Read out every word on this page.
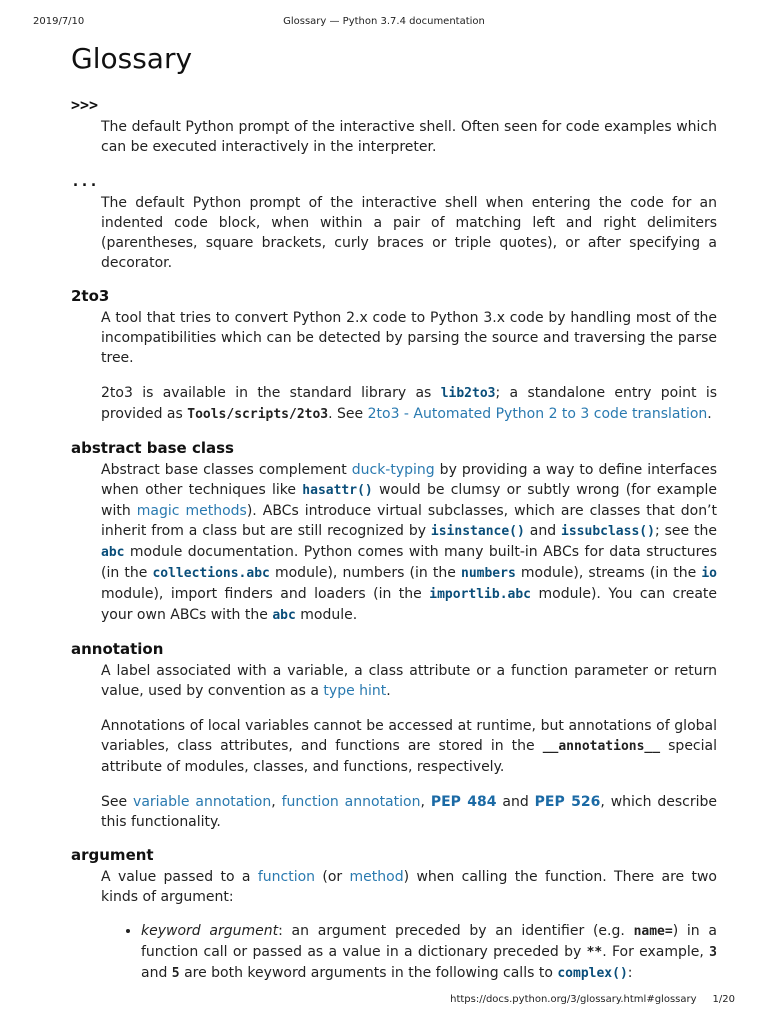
2019/7/10	Glossary — Python 3.7.4 documentation
Glossary
>>>

The default Python prompt of the interactive shell. Often seen for code examples which can be executed interactively in the interpreter.

...

The default Python prompt of the interactive shell when entering the code for an indented code block, when within a pair of matching left and right delimiters (parentheses, square brackets, curly braces or triple quotes), or after specifying a decorator.

2to3

A tool that tries to convert Python 2.x code to Python 3.x code by handling most of the incompatibilities which can be detected by parsing the source and traversing the parse tree.

2to3 is available in the standard library as lib2to3; a standalone entry point is provided as Tools/scripts/2to3. See 2to3 - Automated Python 2 to 3 code translation.

abstract base class

Abstract base classes complement duck-typing by providing a way to define interfaces when other techniques like hasattr() would be clumsy or subtly wrong (for example with magic methods). ABCs introduce virtual subclasses, which are classes that don’t inherit from a class but are still recognized by isinstance() and issubclass(); see the abc module documentation. Python comes with many built-in ABCs for data structures (in the collections.abc module), numbers (in the numbers module), streams (in the io module), import finders and loaders (in the importlib.abc module). You can create your own ABCs with the abc module.

annotation

A label associated with a variable, a class attribute or a function parameter or return value, used by convention as a type hint.

Annotations of local variables cannot be accessed at runtime, but annotations of global variables, class attributes, and functions are stored in the __annotations__ special attribute of modules, classes, and functions, respectively.

See variable annotation, function annotation, PEP 484 and PEP 526, which describe this functionality.

argument

A value passed to a function (or method) when calling the function. There are two kinds of argument:

• keyword argument: an argument preceded by an identifier (e.g. name=) in a function call or passed as a value in a dictionary preceded by **. For example, 3 and 5 are both keyword arguments in the following calls to complex():
https://docs.python.org/3/glossary.html#glossary 1/20
